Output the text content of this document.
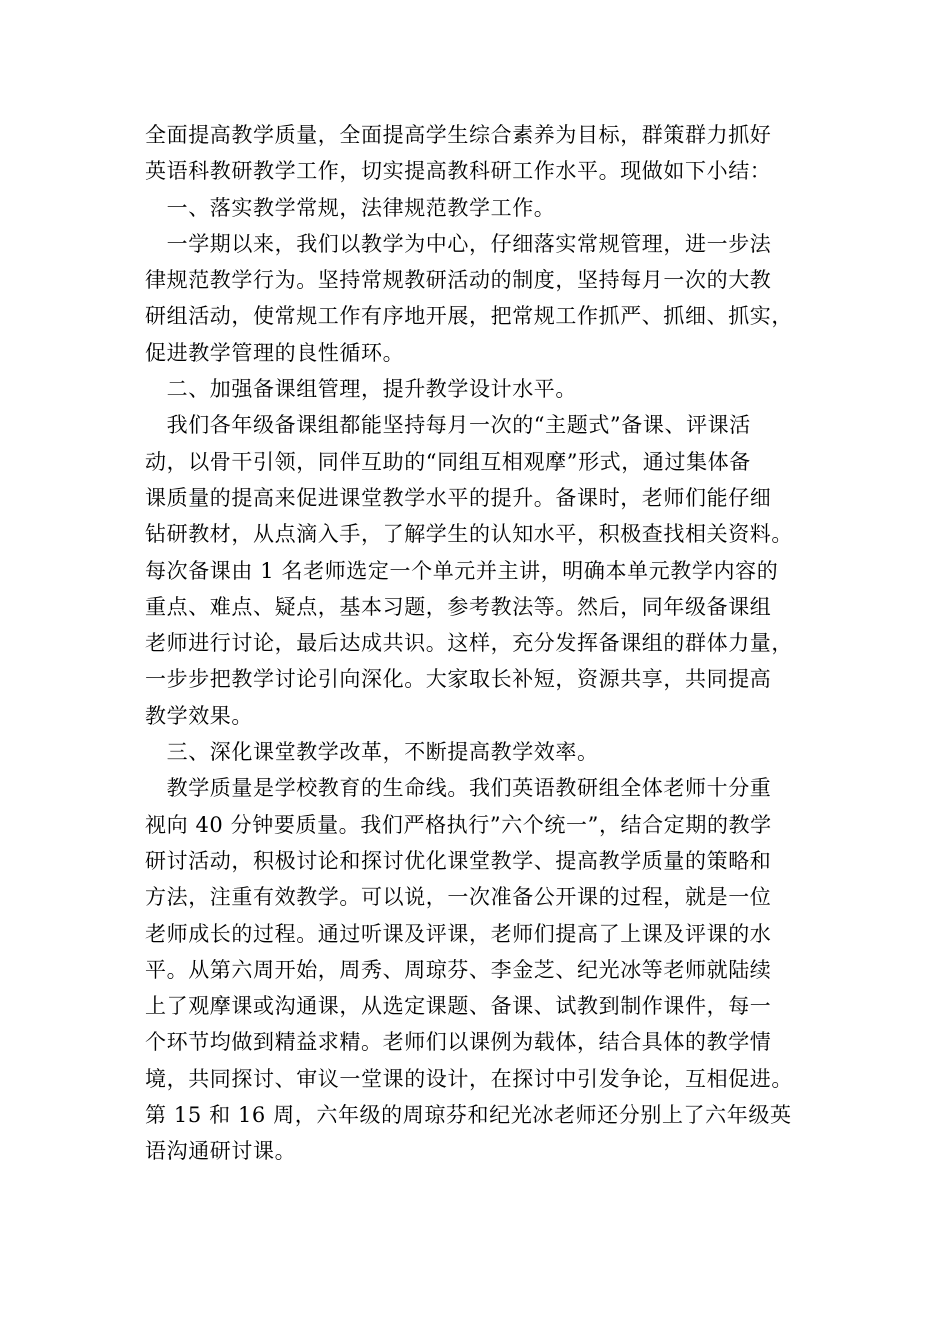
全面提高教学质量，全面提高学生综合素养为目标，群策群力抓好
英语科教研教学工作，切实提高教科研工作水平。现做如下小结：
　一、落实教学常规，法律规范教学工作。
　一学期以来，我们以教学为中心，仔细落实常规管理，进一步法
律规范教学行为。坚持常规教研活动的制度，坚持每月一次的大教
研组活动，使常规工作有序地开展，把常规工作抓严、抓细、抓实，
促进教学管理的良性循环。
　二、加强备课组管理，提升教学设计水平。
　我们各年级备课组都能坚持每月一次的“主题式”备课、评课活
动，以骨干引领，同伴互助的“同组互相观摩”形式，通过集体备
课质量的提高来促进课堂教学水平的提升。备课时，老师们能仔细
钻研教材，从点滴入手，了解学生的认知水平，积极查找相关资料。
每次备课由 1 名老师选定一个单元并主讲，明确本单元教学内容的
重点、难点、疑点，基本习题，参考教法等。然后，同年级备课组
老师进行讨论，最后达成共识。这样，充分发挥备课组的群体力量，
一步步把教学讨论引向深化。大家取长补短，资源共享，共同提高
教学效果。
　三、深化课堂教学改革，不断提高教学效率。
　教学质量是学校教育的生命线。我们英语教研组全体老师十分重
视向 40 分钟要质量。我们严格执行”六个统一”，结合定期的教学
研讨活动，积极讨论和探讨优化课堂教学、提高教学质量的策略和
方法，注重有效教学。可以说，一次准备公开课的过程，就是一位
老师成长的过程。通过听课及评课，老师们提高了上课及评课的水
平。从第六周开始，周秀、周琼芬、李金芝、纪光冰等老师就陆续
上了观摩课或沟通课，从选定课题、备课、试教到制作课件，每一
个环节均做到精益求精。老师们以课例为载体，结合具体的教学情
境，共同探讨、审议一堂课的设计，在探讨中引发争论，互相促进。
第 15 和 16 周，六年级的周琼芬和纪光冰老师还分别上了六年级英
语沟通研讨课。
